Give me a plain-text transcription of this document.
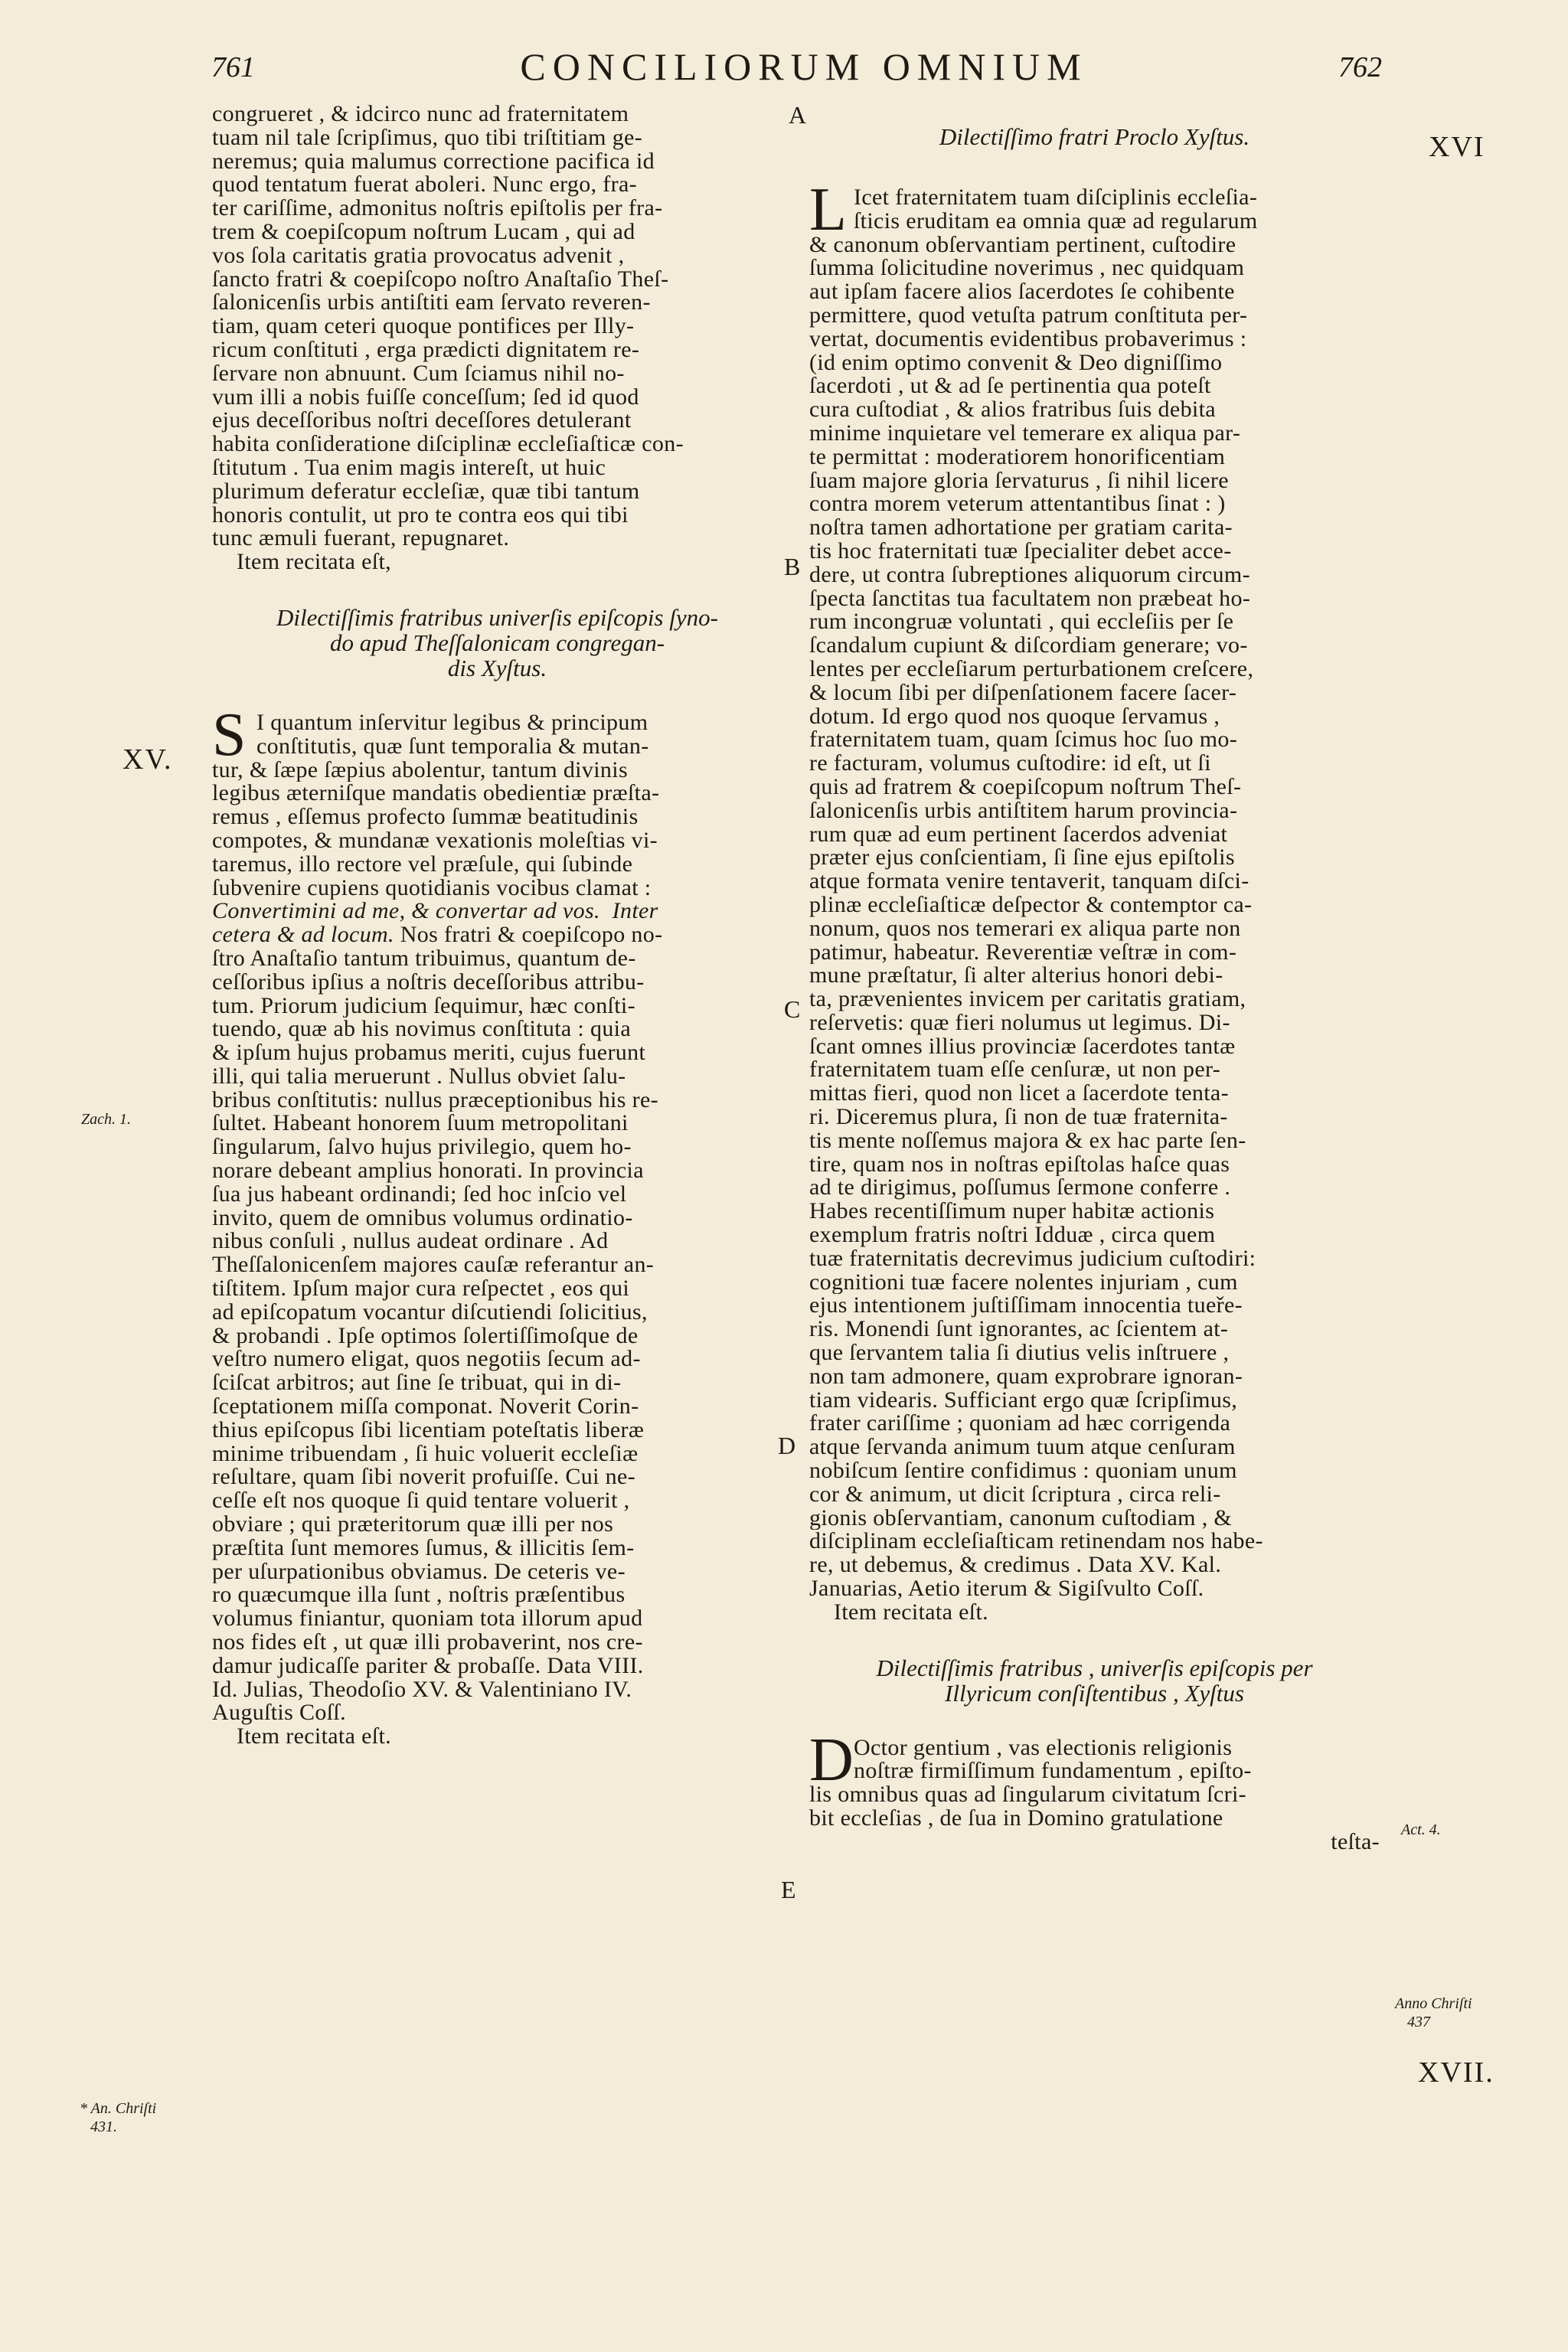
761	CONCILIORUM OMNIUM	762
congrueret , & idcirco nunc ad fraternitatem
tuam nil tale ſcripſimus, quo tibi triſtitiam ge-
neremus; quia malumus correctione pacifica id
quod tentatum fuerat aboleri. Nunc ergo, fra-
ter cariſſime, admonitus noſtris epiſtolis per fra-
trem & coepiſcopum noſtrum Lucam , qui ad
vos ſola caritatis gratia provocatus advenit ,
ſancto fratri & coepiſcopo noſtro Anaſtaſio Theſ-
ſalonicenſis urbis antiſtiti eam ſervato reveren-
tiam, quam ceteri quoque pontifices per Illy-
ricum conſtituti , erga prædicti dignitatem re-
ſervare non abnuunt. Cum ſciamus nihil no-
vum illi a nobis fuiſſe conceſſum; ſed id quod
ejus deceſſoribus noſtri deceſſores detulerant
habita conſideratione diſciplinæ eccleſiaſticæ con-
ſtitutum . Tua enim magis intereſt, ut huic
plurimum deferatur eccleſiæ, quæ tibi tantum
honoris contulit, ut pro te contra eos qui tibi
tunc æmuli fuerant, repugnaret.
Item recitata eſt,
Dilectiſſimis fratribus univerſis epiſcopis ſyno-
do apud Theſſalonicam congregan-
dis Xyſtus.
S I quantum inſervitur legibus & principum
conſtitutis, quæ ſunt temporalia & mutan-
tur, & ſæpe ſæpius abolentur, tantum divinis
legibus æterniſque mandatis obedientiæ præſta-
remus , eſſemus profecto ſummæ beatitudinis
compotes, & mundanæ vexationis moleſtias vi-
taremus, illo rectore vel præſule, qui ſubinde
ſubvenire cupiens quotidianis vocibus clamat :
Convertimini ad me, & convertar ad vos. Inter
cetera & ad locum. Nos fratri & coepiſcopo no-
ſtro Anaſtaſio tantum tribuimus, quantum de-
ceſſoribus ipſius a noſtris deceſſoribus attribu-
tum. Priorum judicium ſequimur, hæc conſti-
tuendo, quæ ab his novimus conſtituta : quia
& ipſum hujus probamus meriti, cujus fuerunt
illi, qui talia meruerunt . Nullus obviet ſalu-
bribus conſtitutis: nullus præceptionibus his re-
ſultet. Habeant honorem ſuum metropolitani
ſingularum, ſalvo hujus privilegio, quem ho-
norare debeant amplius honorati. In provincia
ſua jus habeant ordinandi; ſed hoc inſcio vel
invito, quem de omnibus volumus ordinatio-
nibus conſuli , nullus audeat ordinare . Ad
Theſſalonicenſem majores cauſæ referantur an-
tiſtitem. Ipſum major cura reſpectet , eos qui
ad epiſcopatum vocantur diſcutiendi ſolicitius,
& probandi . Ipſe optimos ſolertiſſimoſque de
veſtro numero eligat, quos negotiis ſecum ad-
ſciſcat arbitros; aut ſine ſe tribuat, qui in di-
ſceptationem miſſa componat. Noverit Corin-
thius epiſcopus ſibi licentiam poteſtatis liberæ
minime tribuendam , ſi huic voluerit eccleſiæ
reſultare, quam ſibi noverit profuiſſe. Cui ne-
ceſſe eſt nos quoque ſi quid tentare voluerit ,
obviare ; qui præteritorum quæ illi per nos
præſtita ſunt memores ſumus, & illicitis ſem-
per uſurpationibus obviamus. De ceteris ve-
ro quæcumque illa ſunt , noſtris præſentibus
volumus finiantur, quoniam tota illorum apud
nos fides eſt , ut quæ illi probaverint, nos cre-
damur judicaſſe pariter & probaſſe. Data VIII.
Id. Julias, Theodoſio XV. & Valentiniano IV.
Auguſtis Coſſ.
Item recitata eſt.
Dilectiſſimo fratri Proclo Xyſtus.
L Icet fraternitatem tuam diſciplinis eccleſia-
ſticis eruditam ea omnia quæ ad regularum
& canonum obſervantiam pertinent, cuſtodire
ſumma ſolicitudine noverimus , nec quidquam
aut ipſam facere alios ſacerdotes ſe cohibente
permittere, quod vetuſta patrum conſtituta per-
vertat, documentis evidentibus probaverimus :
(id enim optimo convenit & Deo digniſſimo
ſacerdoti , ut & ad ſe pertinentia qua poteſt
cura cuſtodiat , & alios fratribus ſuis debita
minime inquietare vel temerare ex aliqua par-
te permittat : moderatiorem honorificentiam
ſuam majore gloria ſervaturus , ſi nihil licere
contra morem veterum attentantibus ſinat : )
noſtra tamen adhortatione per gratiam carita-
tis hoc fraternitati tuæ ſpecialiter debet acce-
dere, ut contra ſubreptiones aliquorum circum-
ſpecta ſanctitas tua facultatem non præbeat ho-
rum incongruæ voluntati , qui eccleſiis per ſe
ſcandalum cupiunt & diſcordiam generare; vo-
lentes per eccleſiarum perturbationem creſcere,
& locum ſibi per diſpenſationem facere ſacer-
dotum. Id ergo quod nos quoque ſervamus ,
fraternitatem tuam, quam ſcimus hoc ſuo mo-
re facturam, volumus cuſtodire: id eſt, ut ſi
quis ad fratrem & coepiſcopum noſtrum Theſ-
ſalonicenſis urbis antiſtitem harum provincia-
rum quæ ad eum pertinent ſacerdos adveniat
præter ejus conſcientiam, ſi ſine ejus epiſtolis
atque formata venire tentaverit, tanquam diſci-
plinæ eccleſiaſticæ deſpector & contemptor ca-
nonum, quos nos temerari ex aliqua parte non
patimur, habeatur. Reverentiæ veſtræ in com-
mune præſtatur, ſi alter alterius honori debi-
ta, prævenientes invicem per caritatis gratiam,
reſervetis: quæ fieri nolumus ut legimus. Di-
ſcant omnes illius provinciæ ſacerdotes tantæ
fraternitatem tuam eſſe cenſuræ, ut non per-
mittas fieri, quod non licet a ſacerdote tenta-
ri. Diceremus plura, ſi non de tuæ fraternita-
tis mente noſſemus majora & ex hac parte ſen-
tire, quam nos in noſtras epiſtolas haſce quas
ad te dirigimus, poſſumus ſermone conferre .
Habes recentiſſimum nuper habitæ actionis
exemplum fratris noſtri Idduæ , circa quem
tuæ fraternitatis decrevimus judicium cuſtodiri:
cognitioni tuæ facere nolentes injuriam , cum
ejus intentionem juſtiſſimam innocentia tueře-
ris. Monendi ſunt ignorantes, ac ſcientem at-
que ſervantem talia ſi diutius velis inſtruere ,
non tam admonere, quam exprobrare ignoran-
tiam videaris. Sufficiant ergo quæ ſcripſimus,
frater cariſſime ; quoniam ad hæc corrigenda
atque ſervanda animum tuum atque cenſuram
nobiſcum ſentire confidimus : quoniam unum
cor & animum, ut dicit ſcriptura , circa reli-
gionis obſervantiam, canonum cuſtodiam , &
diſciplinam eccleſiaſticam retinendam nos habe-
re, ut debemus, & credimus . Data XV. Kal.
Januarias, Aetio iterum & Sigiſvulto Coſſ.
Item recitata eſt.
Dilectiſſimis fratribus , univerſis epiſcopis per
Illyricum conſiſtentibus , Xyſtus
D Octor gentium , vas electionis religionis
noſtræ firmiſſimum fundamentum , epiſto-
lis omnibus quas ad ſingularum civitatum ſcri-
bit eccleſias , de ſua in Domino gratulatione
teſta-
XV.
XVI
XVII.
A
B
C
D
E
Zach. 1.
* An. Chriſti
431.
Act. 4.
Anno Chriſti
437
